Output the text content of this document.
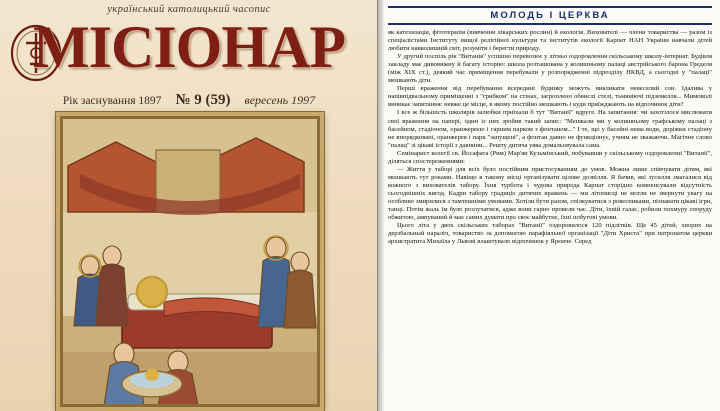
український католицький часопис
МІСІОНАР
Рік заснування 1897 № 9 (59) вересень 1997
МОЛОДЬ І ЦЕРКВА

як катехизація, фітотерапія (вивчення лікарських рослин) й екологія. Вихователі — члени товариства — разом із спеціалістами Інституту вищої релігійної культури та інститутів екології Карпат НАН України навчали дітей любити навколишній світ, розуміти і берегти природу.

У другий поспіль рік "Витанія" успішно перевозює у літньо оздоровлення скільському школу-інтернат. Будівля закладу має дивовижну й багату історію: школа розташована у колишньому палаці австрійського барона Гределя (між XIX ст.), деякий час приміщення перебували у розпорядженні підрозділу НКВД, а сьогодні у "палаці" мешкають діти.

Перші враження від перебування всередині будинку можуть викликати невеселий сон. Ідалива у напівпідвальному приміщенні з "грибком" на стінах, загроплено обвислі стелі, тьмяніючі підземелля... Мимоволі виникає запитання: невже це місце, в якому постійно мешкають і куди приїжджають на відпочинок діти?

І все ж більшість школярів залюбки приїхали б тут "Витанії" вдруге. На запитання: чи захотілося мислювати свої враження на папері, один із них зробив такий запис: "Мешкали ми у колишньому графському палаці з басейном, стадіоном, оранжереєю і гарним парком з фонтаном..." І те, що у басейні нема води, доріжки стадіону не впорядковані, оранжерея і парк "запущені", а фонтан давно не функціонує, учням не зважаючи. Магічне слово "палац" зі цікаві історії з давнини... Решту дитяча уява домальовувала сама.

Семінарист колегії св. Йосафата (Рим) Мар'ян Кузьмінський, побувавши у скільському оздоровленні "Витанії", діляться спостереженнями:

— Життя у таборі для всіх було постійним пристосуванням до умов. Можна лише співчувати дітям, які мешкають тут роками. Навіщо в такому місці організувати цілове дозвілля. Я бачив, які зусилля змагалися від кожного з вихователів табору. Їхня турбота і чудова природа Карпат сторідно компенсували відсутність сьогоднішніх вигод. Кадри табору градиціо дитячих вражень — ми літописці не могли не звернути увагу на особливо змирилися з тамтешніми умовами. Хотіли бути разом, спілкуватися з ровесниками, пізнавати цікаві ігри, танці. Потім жаль їм було розлучатися, адже вони гарно провели час. Діти, їхній галас, робили похмуру споруду обжитою, ампуваний й має самих думати про своє майбутнє, їхні побутові умови.

Цього літа у двох скільських таборах "Витанії" оздоровилося 120 підлітків. Ще 45 дітей, хворих на дерзбальный параліч, товариство за допомогою парафіяльної організації "Діти Христа" при патронатом церкви архистратига Михаїла у Львові влаштувало відпочинок у Ярємче. Серед
